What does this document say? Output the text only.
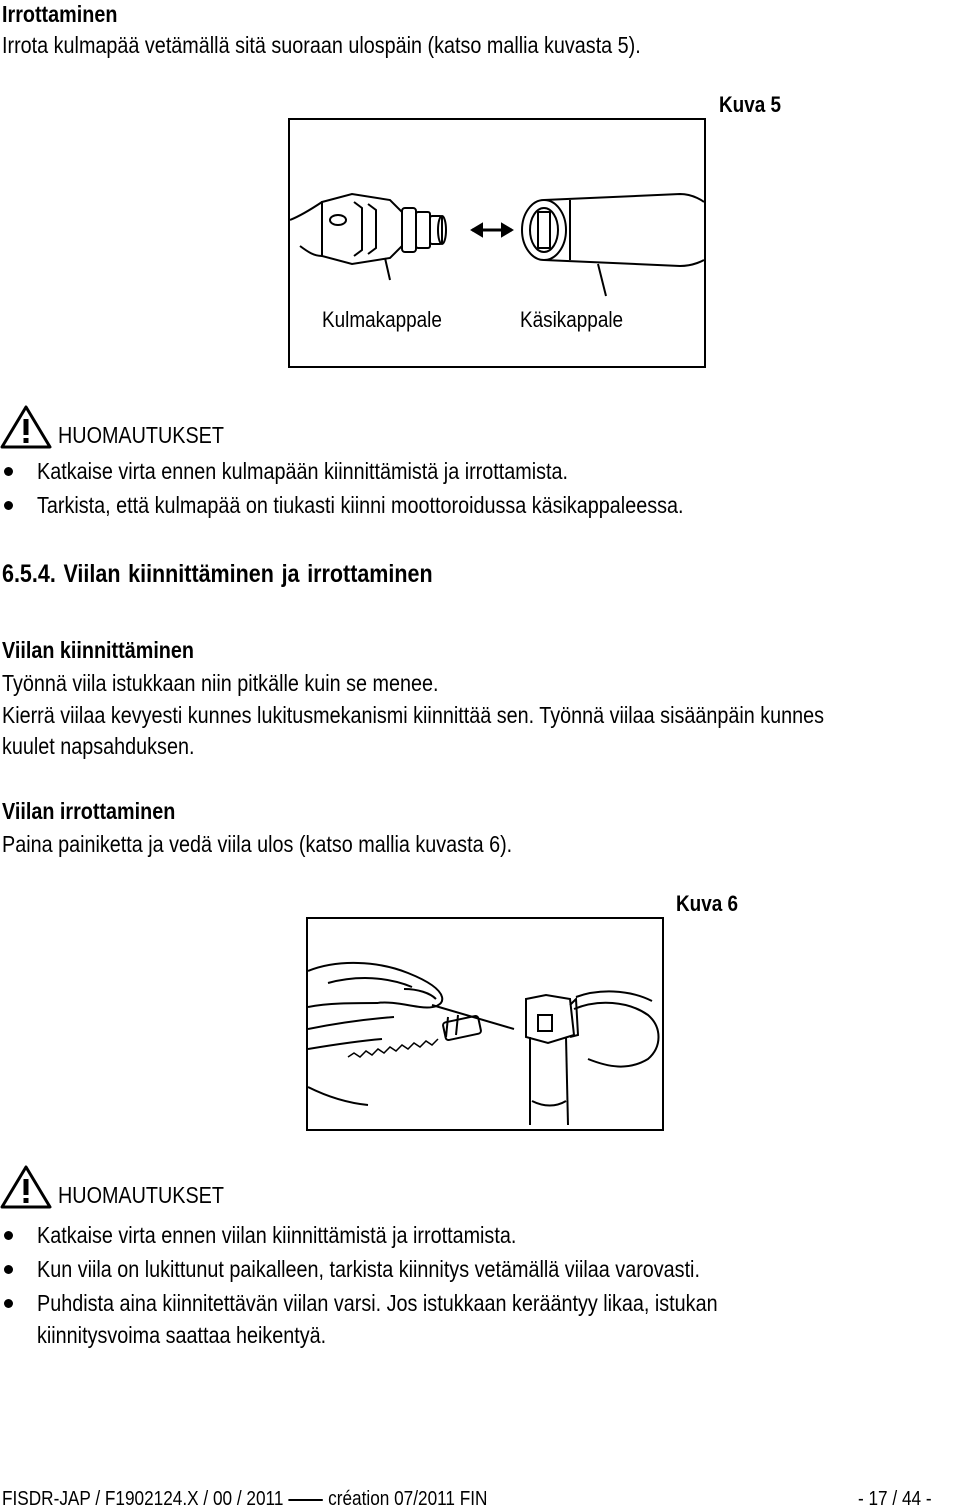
Irrottaminen
Irrota kulmapää vetämällä sitä suoraan ulospäin (katso mallia kuvasta 5).
Kuva 5
Kulmakappale	Käsikappale
HUOMAUTUKSET
Katkaise virta ennen kulmapään kiinnittämistä ja irrottamista.
Tarkista, että kulmapää on tiukasti kiinni moottoroidussa käsikappaleessa.
6.5.4. Viilan kiinnittäminen ja irrottaminen
Viilan kiinnittäminen
Työnnä viila istukkaan niin pitkälle kuin se menee.
Kierrä viilaa kevyesti kunnes lukitusmekanismi kiinnittää sen. Työnnä viilaa sisäänpäin kunnes
kuulet napsahduksen.
Viilan irrottaminen
Paina painiketta ja vedä viila ulos (katso mallia kuvasta 6).
Kuva 6
HUOMAUTUKSET
Katkaise virta ennen viilan kiinnittämistä ja irrottamista.
Kun viila on lukittunut paikalleen, tarkista kiinnitys vetämällä viilaa varovasti.
Puhdista aina kiinnitettävän viilan varsi. Jos istukkaan kerääntyy likaa, istukan
kiinnitysvoima saattaa heikentyä.
FISDR-JAP / F1902124.X / 00 / 2011 création 07/2011 FIN	- 17 / 44 -
